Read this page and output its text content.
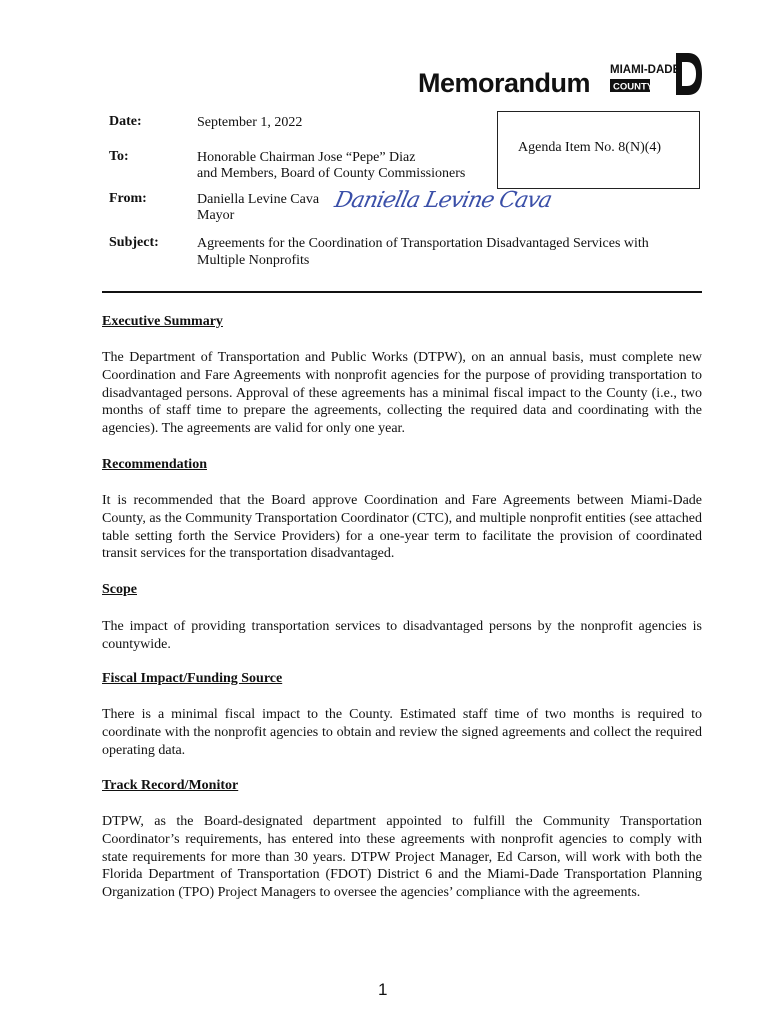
Memorandum MIAMI-DADE
COUNTY
Date:	September 1, 2022
To:	Honorable Chairman Jose “Pepe” Diaz
and Members, Board of County Commissioners
From:	Daniella Levine Cava
Mayor
Daniella Levine Cava
Subject:	Agreements for the Coordination of Transportation Disadvantaged Services with
Multiple Nonprofits
Agenda Item No. 8(N)(4)
Executive Summary
The Department of Transportation and Public Works (DTPW), on an annual basis, must complete new Coordination and Fare Agreements with nonprofit agencies for the purpose of providing transportation to disadvantaged persons. Approval of these agreements has a minimal fiscal impact to the County (i.e., two months of staff time to prepare the agreements, collecting the required data and coordinating with the agencies). The agreements are valid for only one year.
Recommendation
It is recommended that the Board approve Coordination and Fare Agreements between Miami-Dade County, as the Community Transportation Coordinator (CTC), and multiple nonprofit entities (see attached table setting forth the Service Providers) for a one-year term to facilitate the provision of coordinated transit services for the transportation disadvantaged.
Scope
The impact of providing transportation services to disadvantaged persons by the nonprofit agencies is countywide.
Fiscal Impact/Funding Source
There is a minimal fiscal impact to the County. Estimated staff time of two months is required to coordinate with the nonprofit agencies to obtain and review the signed agreements and collect the required operating data.
Track Record/Monitor
DTPW, as the Board-designated department appointed to fulfill the Community Transportation Coordinator’s requirements, has entered into these agreements with nonprofit agencies to comply with state requirements for more than 30 years. DTPW Project Manager, Ed Carson, will work with both the Florida Department of Transportation (FDOT) District 6 and the Miami-Dade Transportation Planning Organization (TPO) Project Managers to oversee the agencies’ compliance with the agreements.
1
